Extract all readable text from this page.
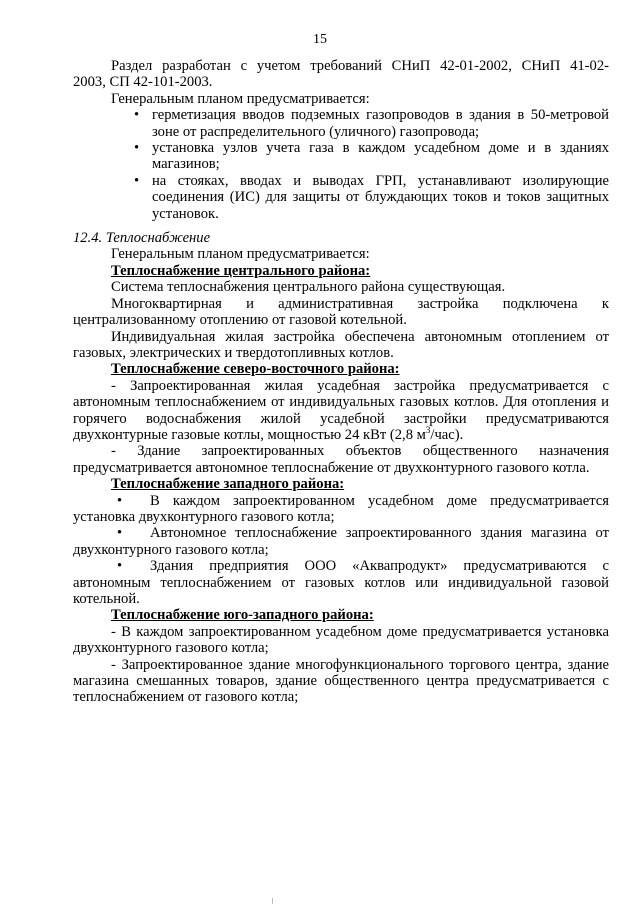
15

Раздел разработан с учетом требований СНиП 42-01-2002, СНиП 41-02-

2003, СП 42-101-2003.

Генеральным планом предусматривается:

• герметизация вводов подземных газопроводов в здания в 50-метровой зоне от распределительного (уличного) газопровода;
• установка узлов учета газа в каждом усадебном доме и в зданиях магазинов;
• на стояках, вводах и выводах ГРП, устанавливают изолирующие соединения (ИС) для защиты от блуждающих токов и токов защитных установок.

12.4. Теплоснабжение

Генеральным планом предусматривается:

Теплоснабжение центрального района:

Система теплоснабжения центрального района существующая.

Многоквартирная и административная застройка подключена к

централизованному отоплению от газовой котельной.

Индивидуальная жилая застройка обеспечена автономным отоплением от

газовых, электрических и твердотопливных котлов.

Теплоснабжение северо-восточного района:

- Запроектированная жилая усадебная застройка предусматривается с автономным теплоснабжением от индивидуальных газовых котлов. Для отопления и горячего водоснабжения жилой усадебной застройки предусматриваются двухконтурные газовые котлы, мощностью 24 кВт (2,8 $м^3/час$).

- Здание запроектированных объектов общественного назначения предусматривается автономное теплоснабжение от двухконтурного газового котла.

Теплоснабжение западного района:

•	В каждом запроектированном усадебном доме предусматривается

установка двухконтурного газового котла;

•	Автономное теплоснабжение запроектированного здания магазина от

двухконтурного газового котла;

•	Здания предприятия ООО «Аквапродукт» предусматриваются с

автономным теплоснабжением от газовых котлов или индивидуальной газовой котельной.

Теплоснабжение юго-западного района:

- В каждом запроектированном усадебном доме предусматривается установка двухконтурного газового котла;

- Запроектированное здание многофункционального торгового центра, здание магазина смешанных товаров, здание общественного центра предусматривается с теплоснабжением от газового котла;
